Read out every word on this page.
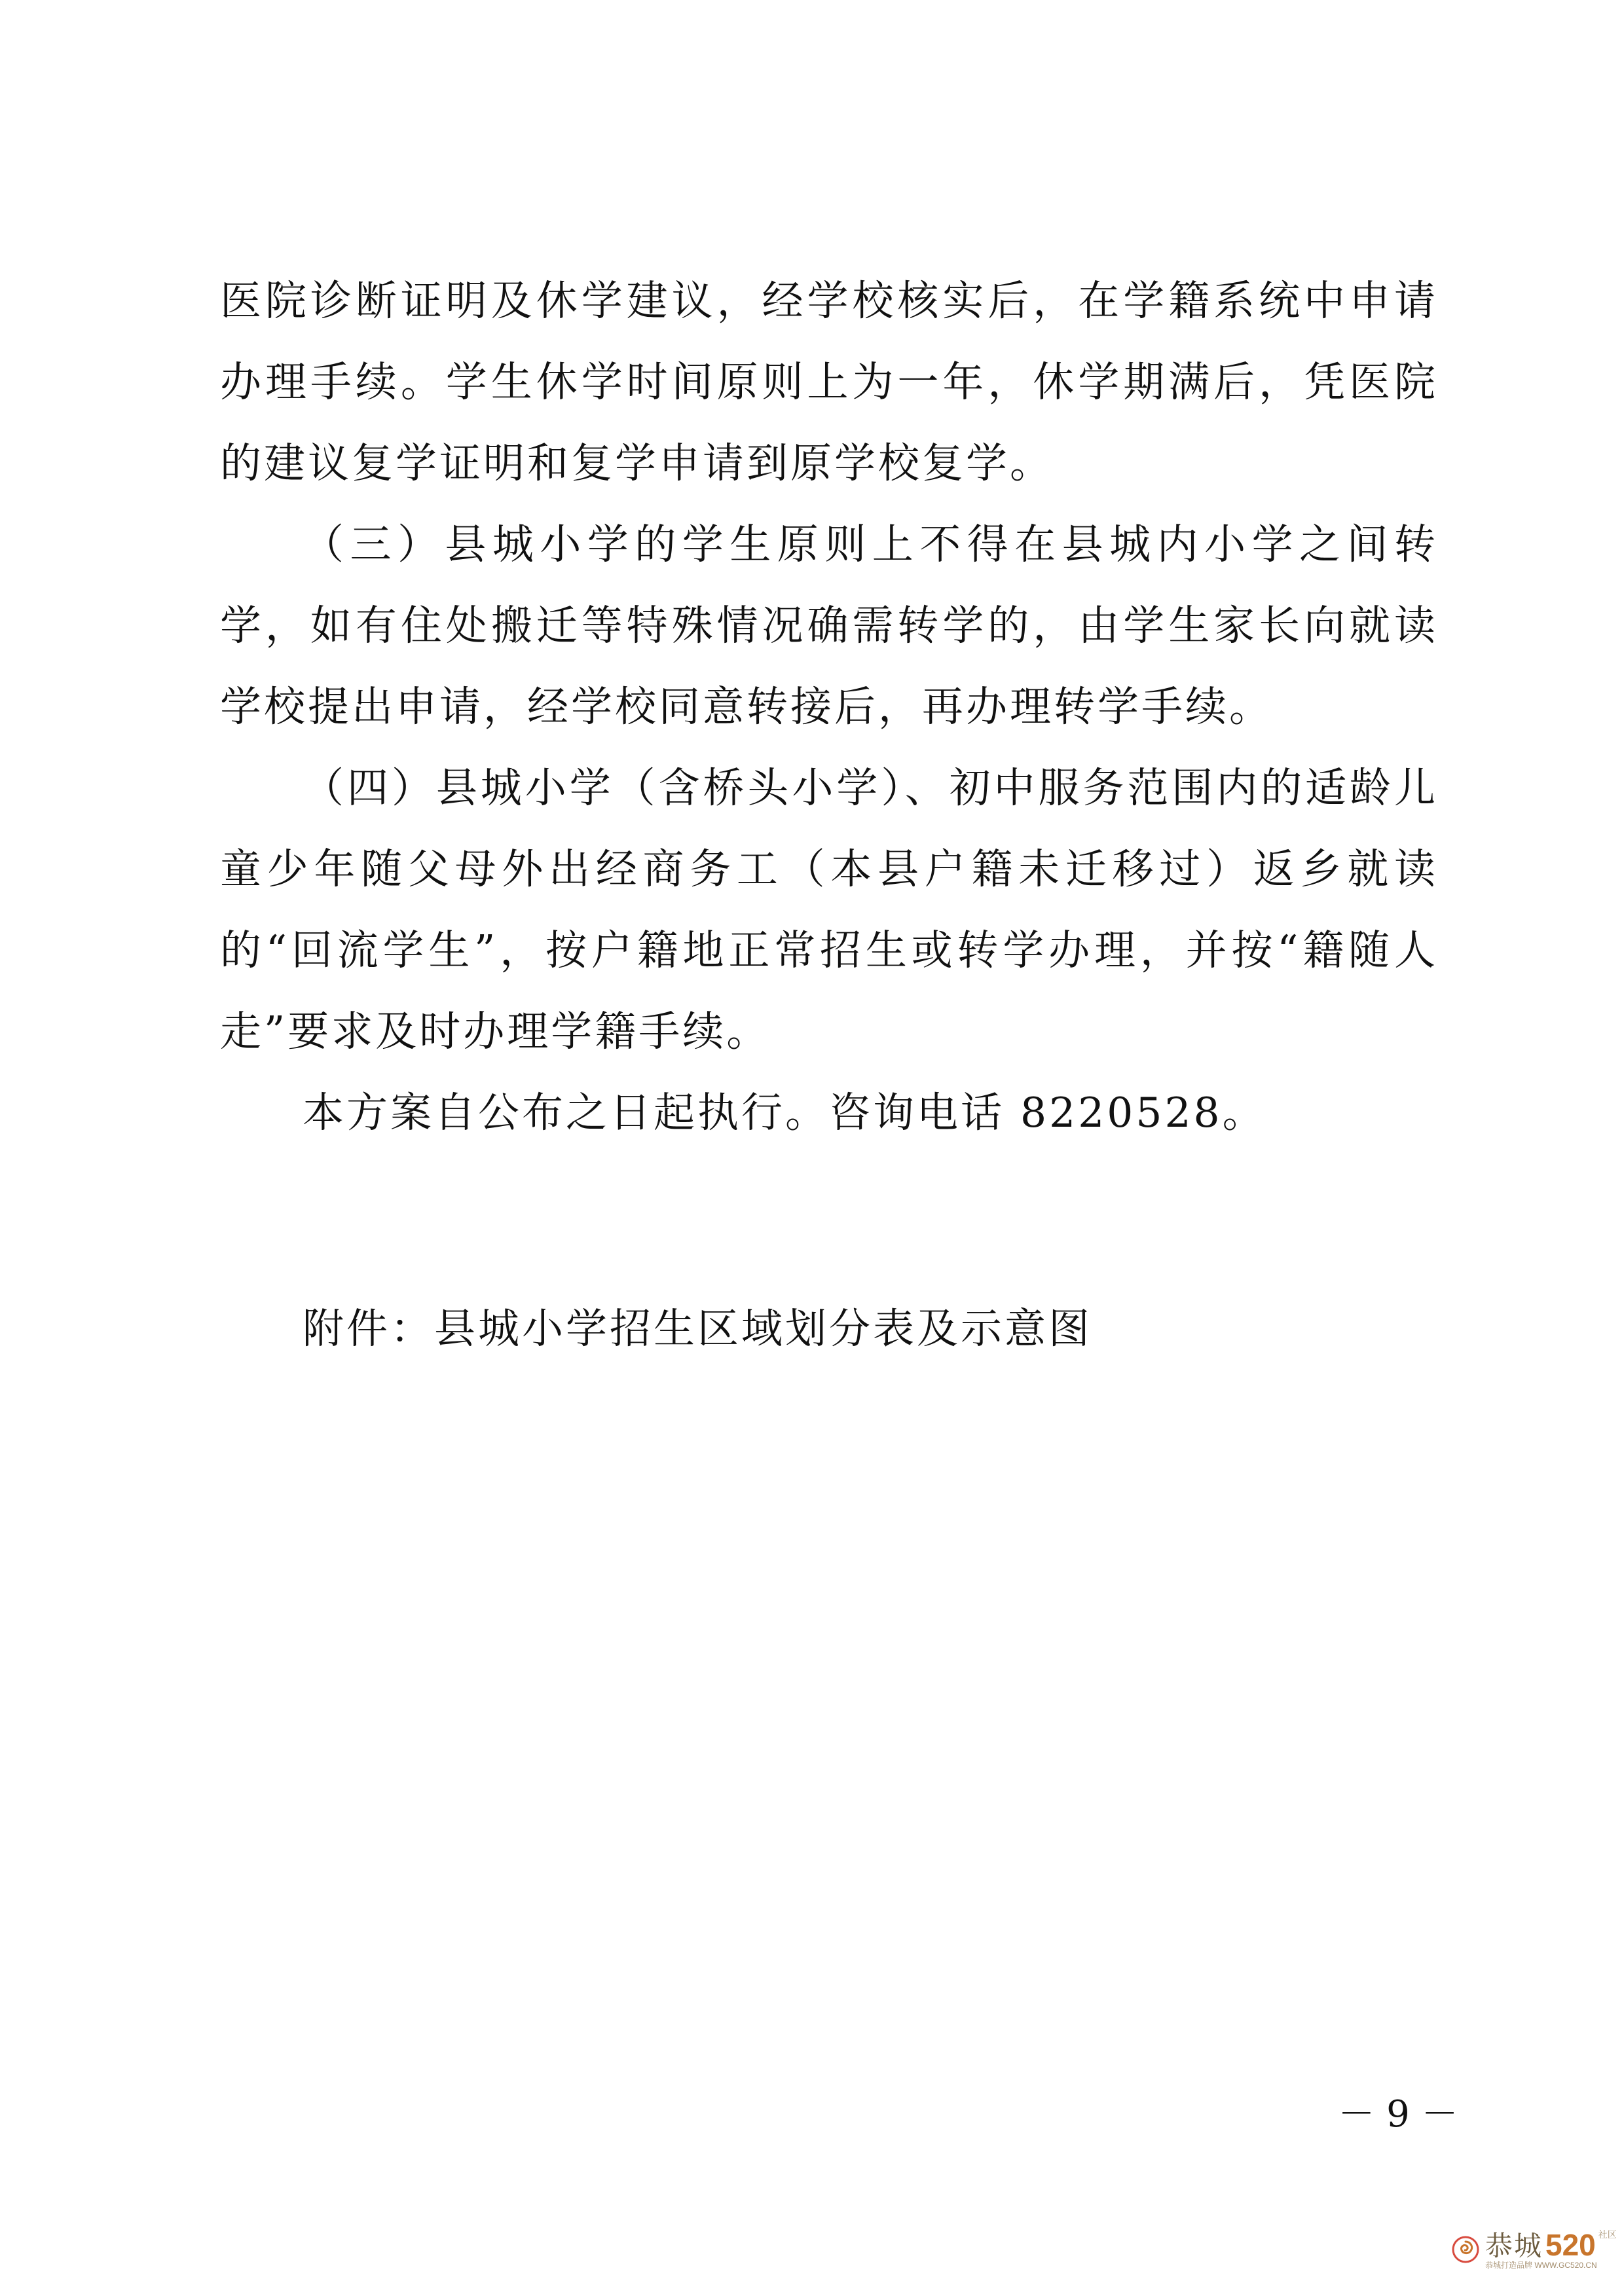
医院诊断证明及休学建议，经学校核实后，在学籍系统中申请办理手续。学生休学时间原则上为一年，休学期满后，凭医院的建议复学证明和复学申请到原学校复学。

（三）县城小学的学生原则上不得在县城内小学之间转学，如有住处搬迁等特殊情况确需转学的，由学生家长向就读学校提出申请，经学校同意转接后，再办理转学手续。

（四）县城小学（含桥头小学）、初中服务范围内的适龄儿童少年随父母外出经商务工（本县户籍未迁移过）返乡就读的“回流学生”，按户籍地正常招生或转学办理，并按“籍随人走”要求及时办理学籍手续。

本方案自公布之日起执行。咨询电话 8220528。

附件：县城小学招生区域划分表及示意图
－ 9 －
恭城 520 社区
恭城打造品牌 WWW.GC520.CN
